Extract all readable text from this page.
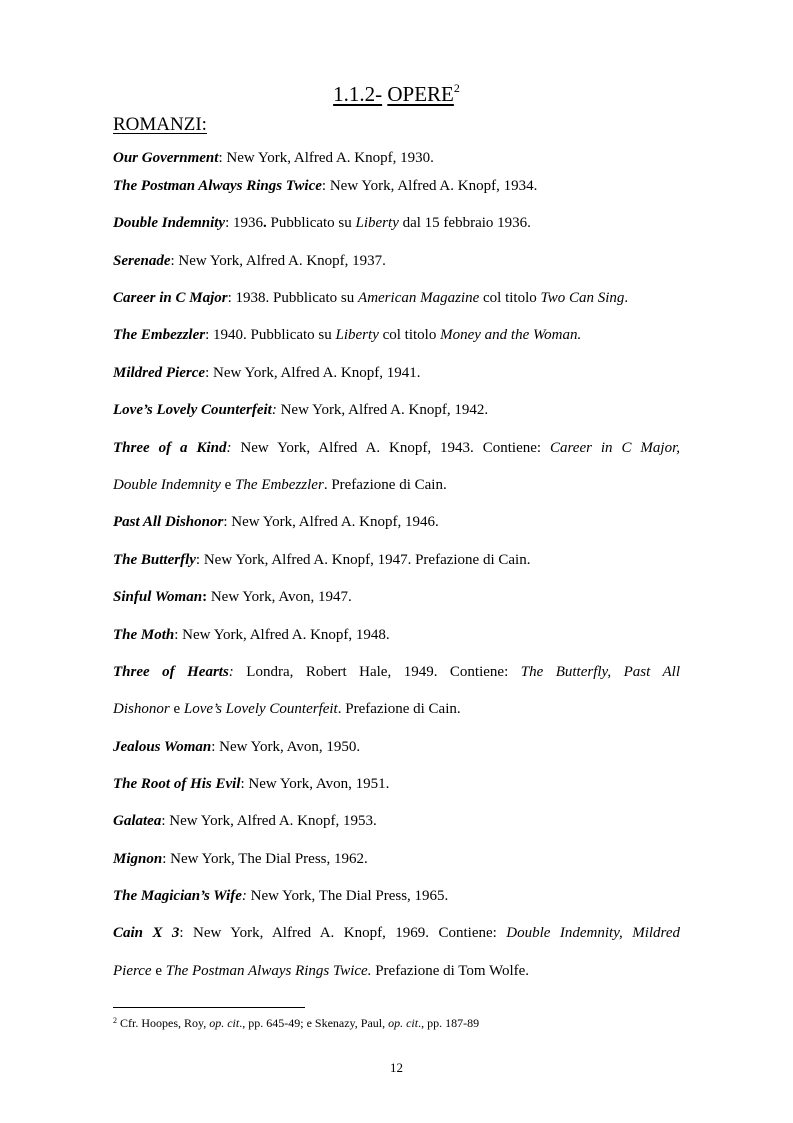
1.1.2- OPERE$^2$
ROMANZI:
Our Government: New York, Alfred A. Knopf, 1930.
The Postman Always Rings Twice: New York, Alfred A. Knopf, 1934.
Double Indemnity: 1936. Pubblicato su Liberty dal 15 febbraio 1936.
Serenade: New York, Alfred A. Knopf, 1937.
Career in C Major: 1938. Pubblicato su American Magazine col titolo Two Can Sing.
The Embezzler: 1940. Pubblicato su Liberty col titolo Money and the Woman.
Mildred Pierce: New York, Alfred A. Knopf, 1941.
Love’s Lovely Counterfeit: New York, Alfred A. Knopf, 1942.
Three of a Kind: New York, Alfred A. Knopf, 1943. Contiene: Career in C Major,
Double Indemnity e The Embezzler. Prefazione di Cain.
Past All Dishonor: New York, Alfred A. Knopf, 1946.
The Butterfly: New York, Alfred A. Knopf, 1947. Prefazione di Cain.
Sinful Woman: New York, Avon, 1947.
The Moth: New York, Alfred A. Knopf, 1948.
Three of Hearts: Londra, Robert Hale, 1949. Contiene: The Butterfly, Past All
Dishonor e Love’s Lovely Counterfeit. Prefazione di Cain.
Jealous Woman: New York, Avon, 1950.
The Root of His Evil: New York, Avon, 1951.
Galatea: New York, Alfred A. Knopf, 1953.
Mignon: New York, The Dial Press, 1962.
The Magician’s Wife: New York, The Dial Press, 1965.
Cain X 3: New York, Alfred A. Knopf, 1969. Contiene: Double Indemnity, Mildred
Pierce e The Postman Always Rings Twice. Prefazione di Tom Wolfe.
$^2$ Cfr. Hoopes, Roy, op. cit., pp. 645-49; e Skenazy, Paul, op. cit., pp. 187-89
12
